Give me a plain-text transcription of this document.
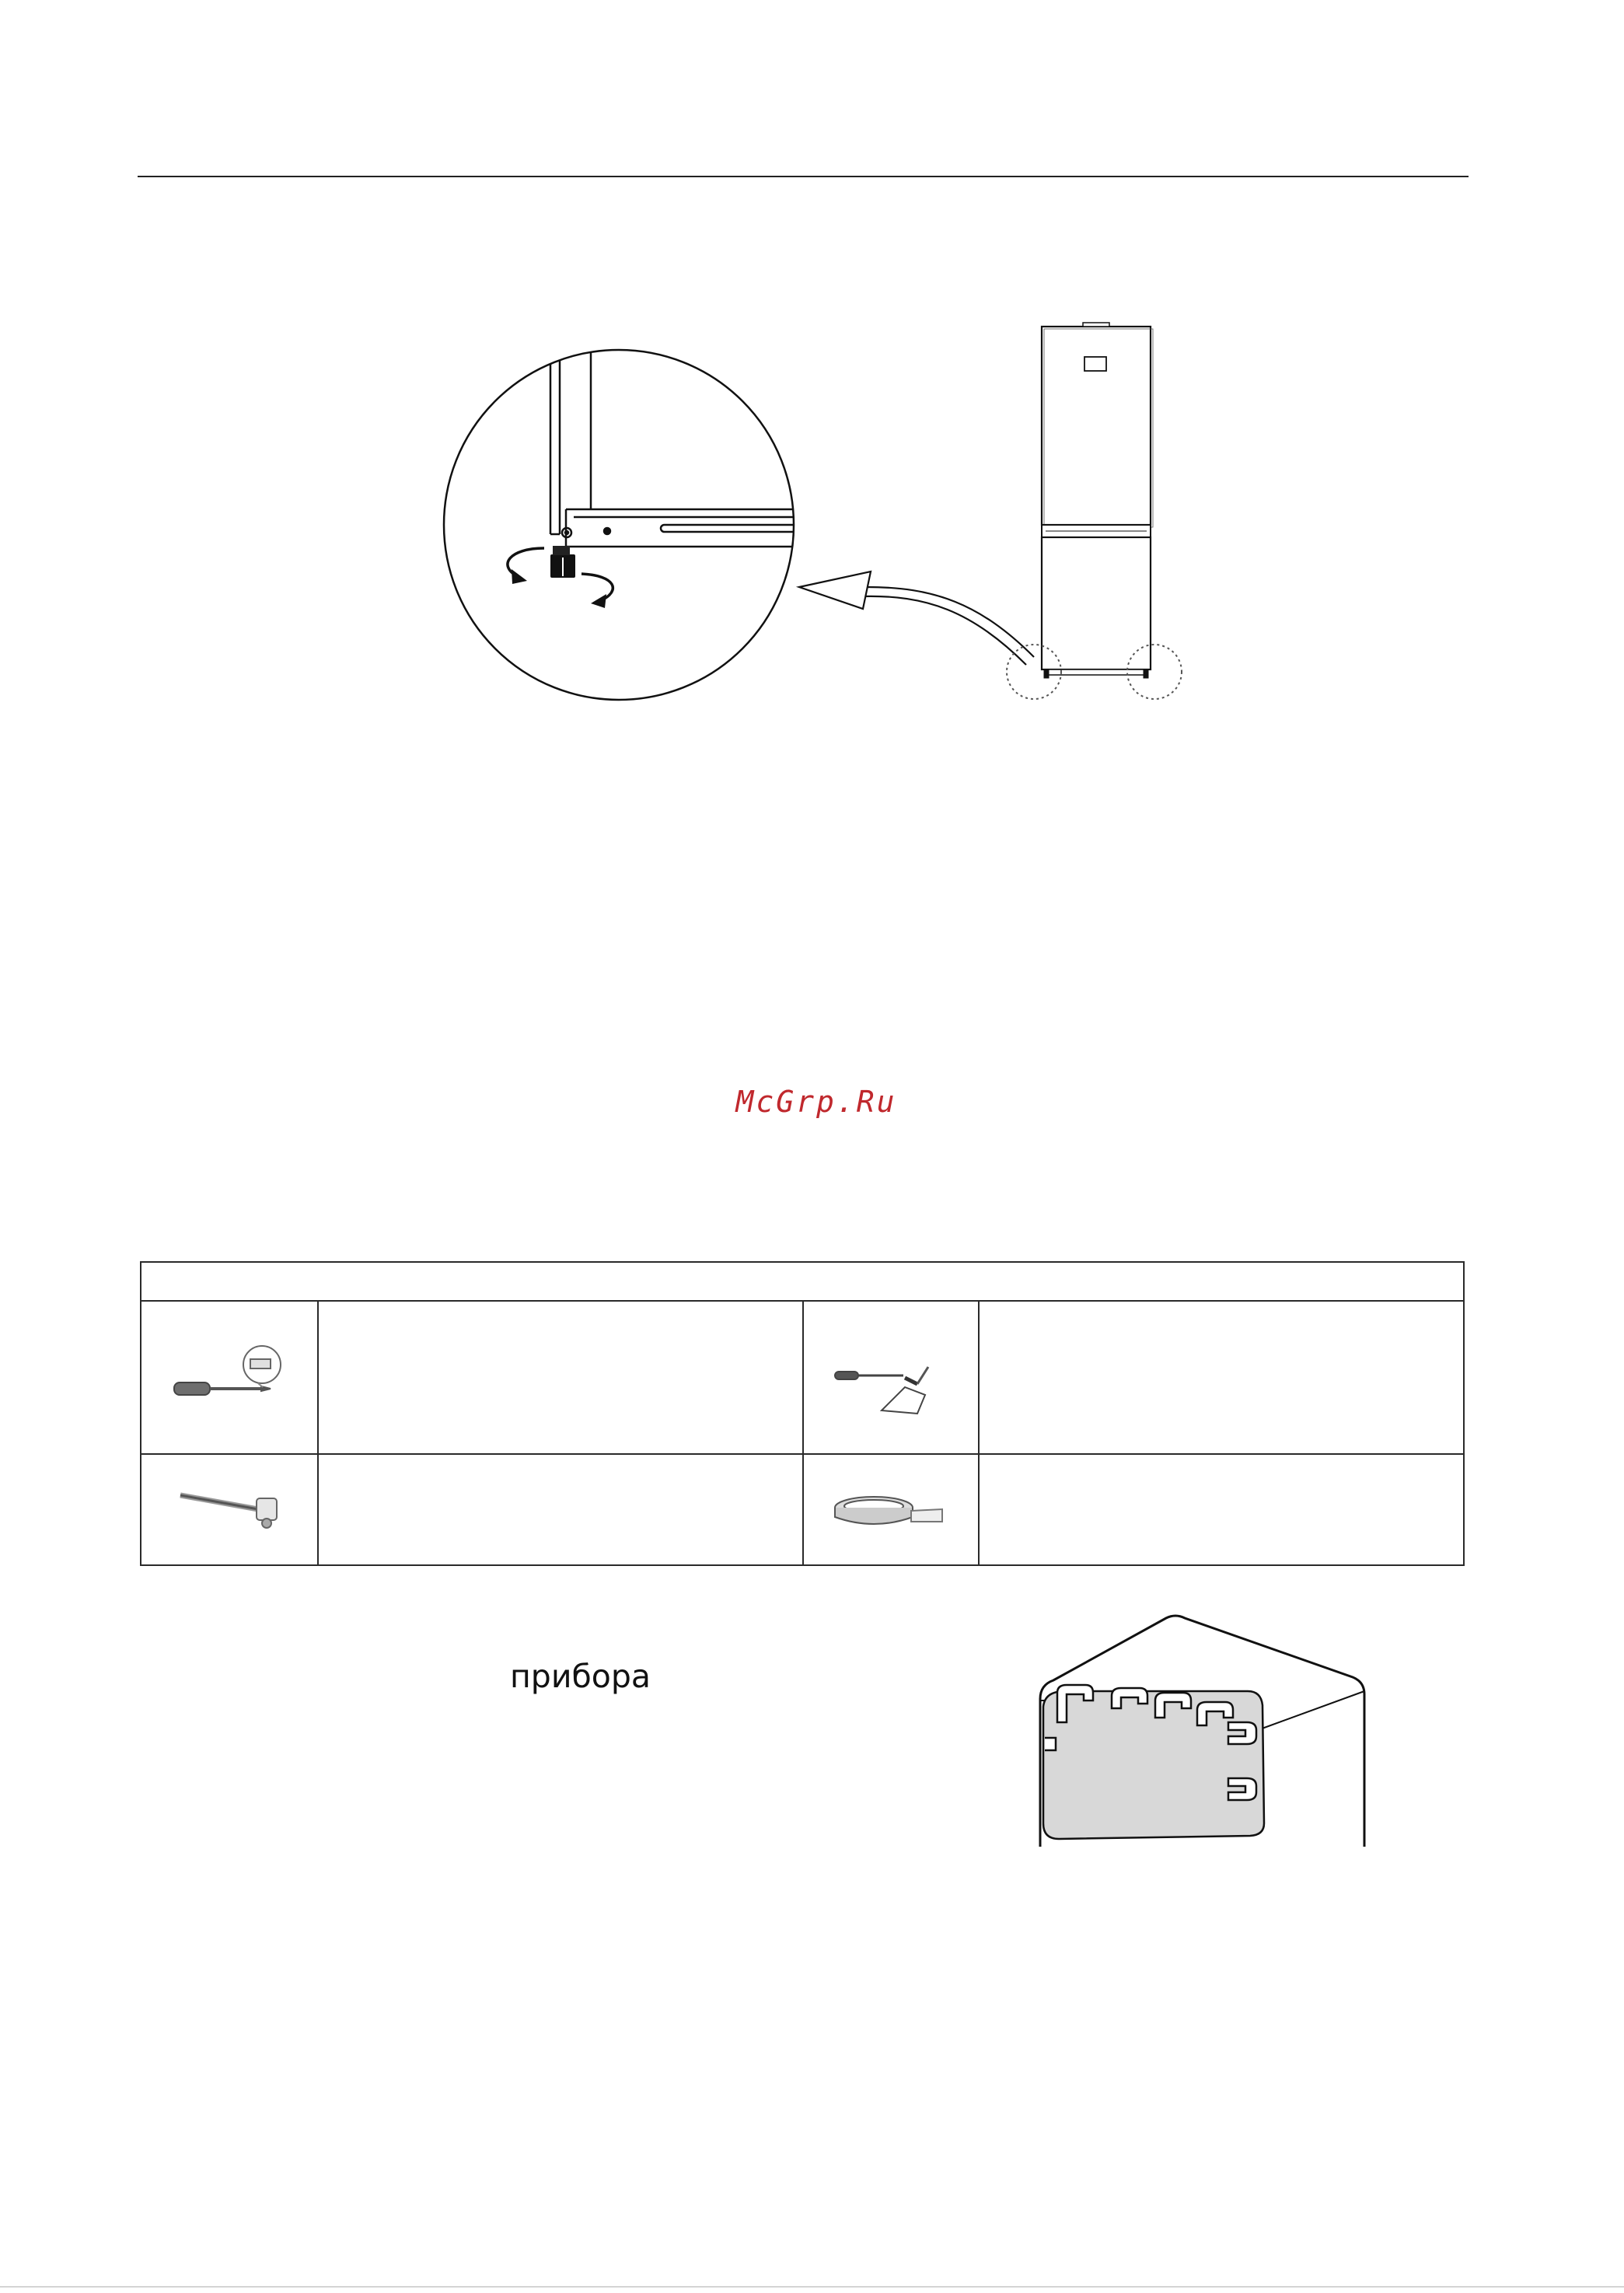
McGrp.Ru
прибора
